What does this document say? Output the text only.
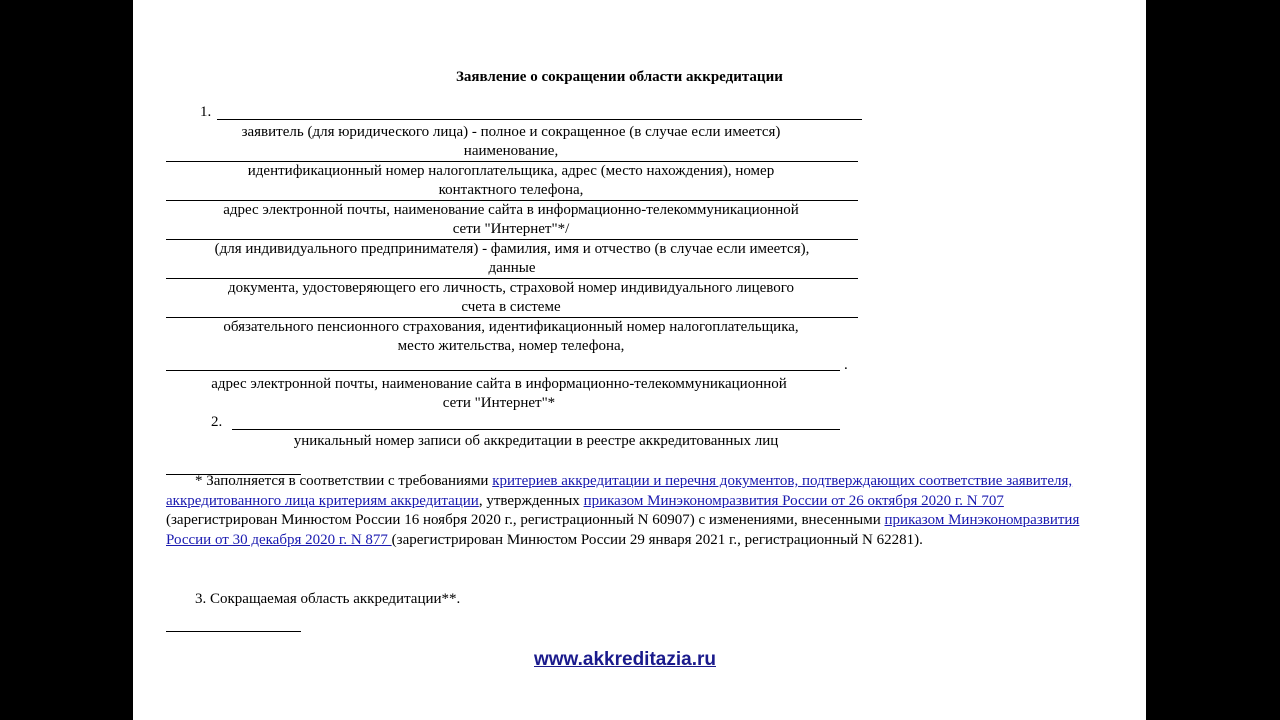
Заявление о сокращении области аккредитации
1.
заявитель (для юридического лица) - полное и сокращенное (в случае если имеется)
наименование,
идентификационный номер налогоплательщика, адрес (место нахождения), номер
контактного телефона,
адрес электронной почты, наименование сайта в информационно-телекоммуникационной
сети "Интернет"*/
(для индивидуального предпринимателя) - фамилия, имя и отчество (в случае если имеется),
данные
документа, удостоверяющего его личность, страховой номер индивидуального лицевого
счета в системе
обязательного пенсионного страхования, идентификационный номер налогоплательщика,
место жительства, номер телефона,
.
адрес электронной почты, наименование сайта в информационно-телекоммуникационной
сети "Интернет"*
2.
уникальный номер записи об аккредитации в реестре аккредитованных лиц
* Заполняется в соответствии с требованиями критериев аккредитации и перечня документов, подтверждающих соответствие заявителя, аккредитованного лица критериям аккредитации, утвержденных приказом Минэкономразвития России от 26 октября 2020 г. N 707 (зарегистрирован Минюстом России 16 ноября 2020 г., регистрационный N 60907) с изменениями, внесенными приказом Минэкономразвития России от 30 декабря 2020 г. N 877 (зарегистрирован Минюстом России 29 января 2021 г., регистрационный N 62281).
3. Сокращаемая область аккредитации**.
www.akkreditazia.ru
